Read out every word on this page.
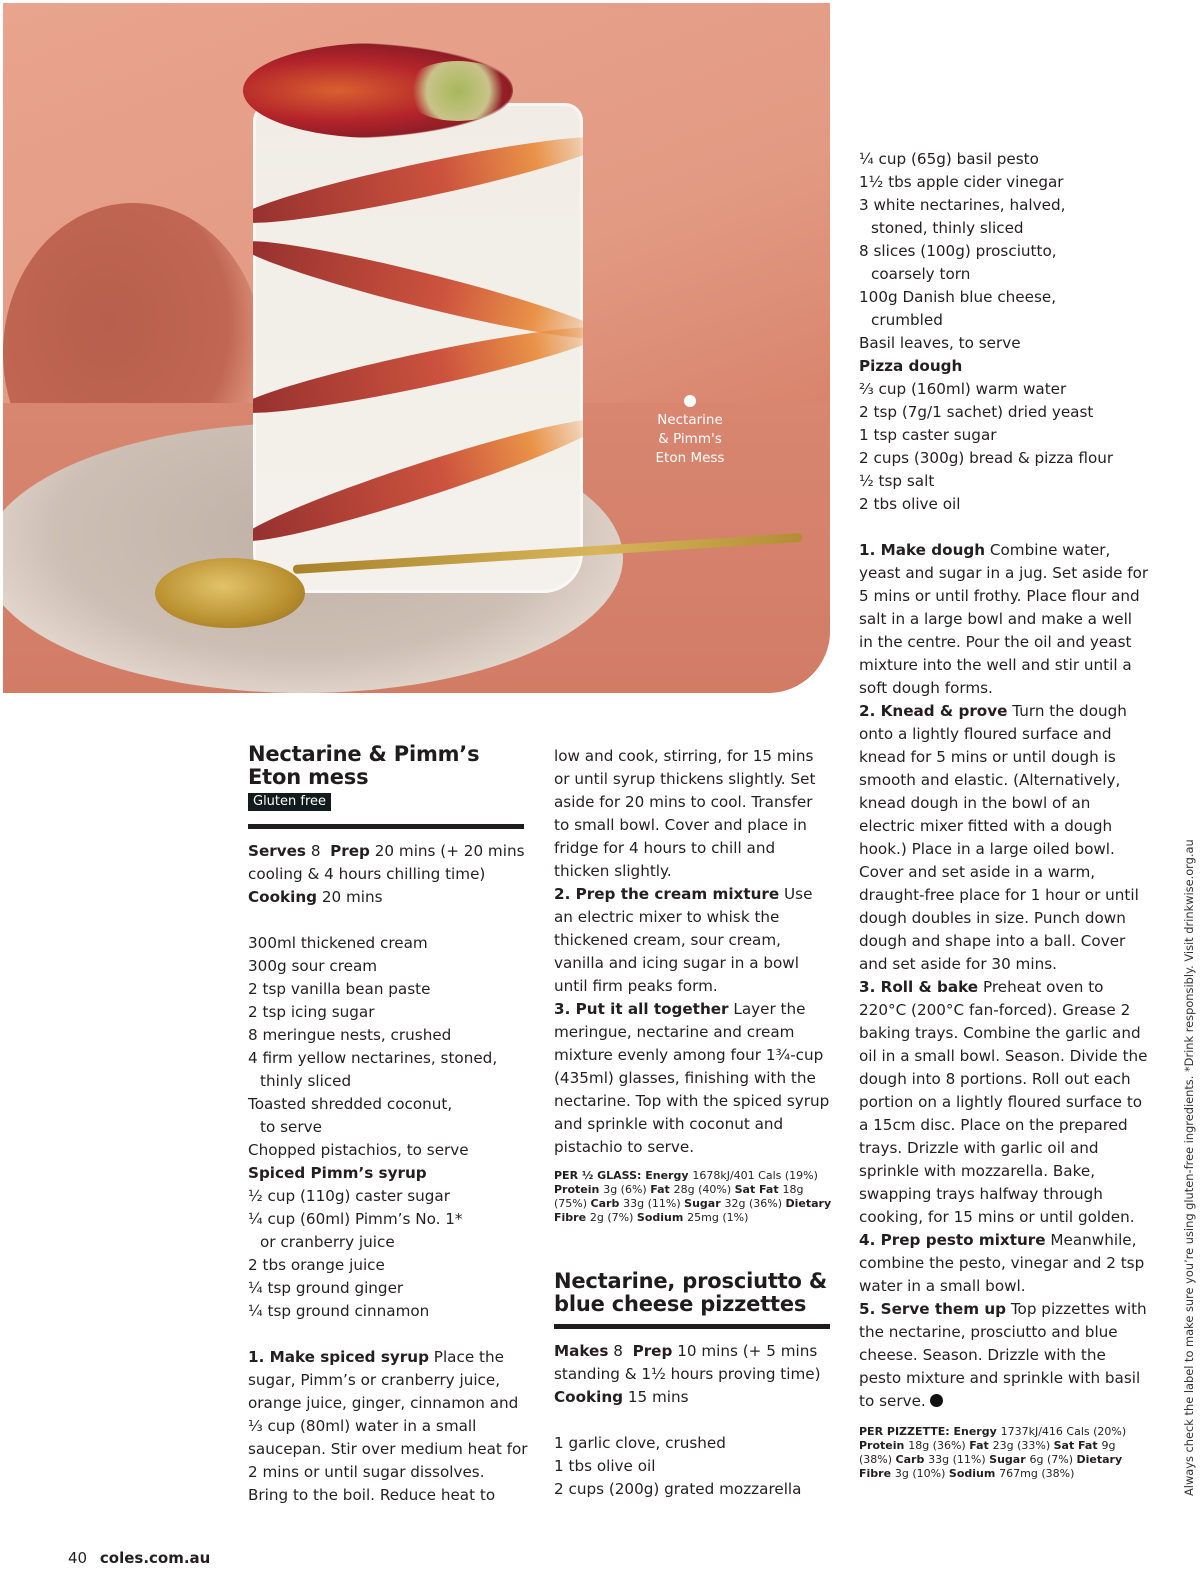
Nectarine
& Pimm's
Eton Mess

¼ cup (65g) basil pesto

1½ tbs apple cider vinegar

3 white nectarines, halved,

stoned, thinly sliced

8 slices (100g) prosciutto,

coarsely torn

100g Danish blue cheese,

crumbled

Basil leaves, to serve

Pizza dough

⅔ cup (160ml) warm water

2 tsp (7g/1 sachet) dried yeast

1 tsp caster sugar

2 cups (300g) bread & pizza flour

½ tsp salt

2 tbs olive oil

Nectarine & Pimm’s
Eton mess
Gluten free

Serves 8 Prep 20 mins (+ 20 mins cooling & 4 hours chilling time)
Cooking 20 mins

300ml thickened cream

300g sour cream

2 tsp vanilla bean paste

2 tsp icing sugar

8 meringue nests, crushed

4 firm yellow nectarines, stoned,

thinly sliced

Toasted shredded coconut,

to serve

Chopped pistachios, to serve

Spiced Pimm’s syrup

½ cup (110g) caster sugar

¼ cup (60ml) Pimm’s No. 1*

or cranberry juice

2 tbs orange juice

¼ tsp ground ginger

¼ tsp ground cinnamon

1. Make spiced syrup Place the sugar, Pimm’s or cranberry juice, orange juice, ginger, cinnamon and ⅓ cup (80ml) water in a small saucepan. Stir over medium heat for 2 mins or until sugar dissolves. Bring to the boil. Reduce heat to

low and cook, stirring, for 15 mins or until syrup thickens slightly. Set aside for 20 mins to cool. Transfer to small bowl. Cover and place in fridge for 4 hours to chill and thicken slightly.

2. Prep the cream mixture Use an electric mixer to whisk the thickened cream, sour cream, vanilla and icing sugar in a bowl until firm peaks form.

3. Put it all together Layer the meringue, nectarine and cream mixture evenly among four 1¾-cup (435ml) glasses, finishing with the nectarine. Top with the spiced syrup and sprinkle with coconut and pistachio to serve.

PER ½ GLASS: Energy 1678kJ/401 Cals (19%) Protein 3g (6%) Fat 28g (40%) Sat Fat 18g (75%) Carb 33g (11%) Sugar 32g (36%) Dietary Fibre 2g (7%) Sodium 25mg (1%)

Nectarine, prosciutto &
blue cheese pizzettes

Makes 8 Prep 10 mins (+ 5 mins standing & 1½ hours proving time)
Cooking 15 mins

1 garlic clove, crushed

1 tbs olive oil

2 cups (200g) grated mozzarella

1. Make dough Combine water, yeast and sugar in a jug. Set aside for 5 mins or until frothy. Place flour and salt in a large bowl and make a well in the centre. Pour the oil and yeast mixture into the well and stir until a soft dough forms.

2. Knead & prove Turn the dough onto a lightly floured surface and knead for 5 mins or until dough is smooth and elastic. (Alternatively, knead dough in the bowl of an electric mixer fitted with a dough hook.) Place in a large oiled bowl. Cover and set aside in a warm, draught-free place for 1 hour or until dough doubles in size. Punch down dough and shape into a ball. Cover and set aside for 30 mins.

3. Roll & bake Preheat oven to 220°C (200°C fan-forced). Grease 2 baking trays. Combine the garlic and oil in a small bowl. Season. Divide the dough into 8 portions. Roll out each portion on a lightly floured surface to a 15cm disc. Place on the prepared trays. Drizzle with garlic oil and sprinkle with mozzarella. Bake, swapping trays halfway through cooking, for 15 mins or until golden.

4. Prep pesto mixture Meanwhile, combine the pesto, vinegar and 2 tsp water in a small bowl.

5. Serve them up Top pizzettes with the nectarine, prosciutto and blue cheese. Season. Drizzle with the pesto mixture and sprinkle with basil to serve.

PER PIZZETTE: Energy 1737kJ/416 Cals (20%) Protein 18g (36%) Fat 23g (33%) Sat Fat 9g (38%) Carb 33g (11%) Sugar 6g (7%) Dietary Fibre 3g (10%) Sodium 767mg (38%)	Always check the label to make sure you’re using gluten-free ingredients. *Drink responsibly. Visit drinkwise.org.au
40 coles.com.au
